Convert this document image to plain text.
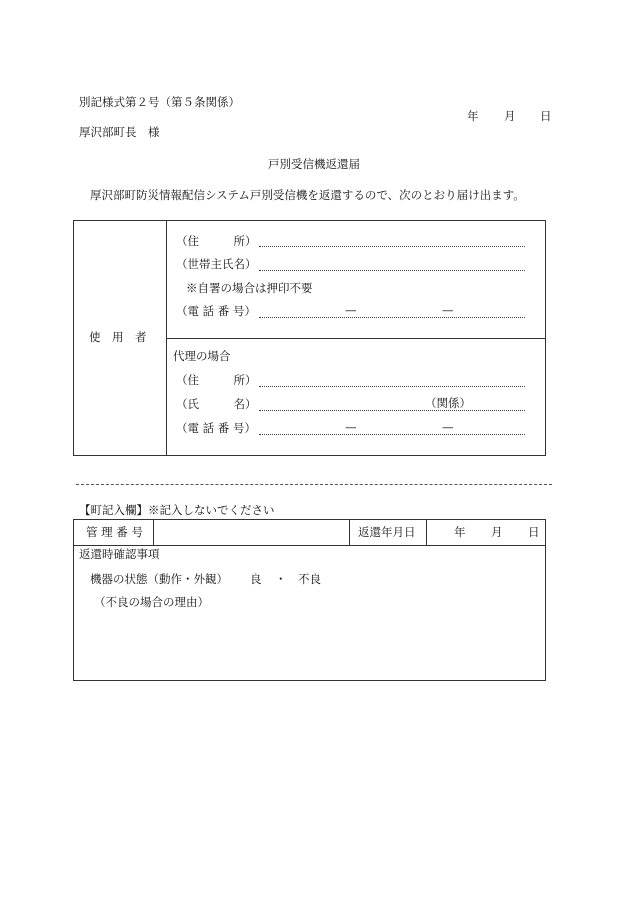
別記様式第２号（第５条関係）
年 月 日
厚沢部町長　様
戸別受信機返還届
厚沢部町防災情報配信システム戸別受信機を返還するので、次のとおり届け出ます。
使　用　者
（住　　　所）
（世帯主氏名）
※自署の場合は押印不要
（電 話 番 号）	—	—
代理の場合
（住　　　所）
（氏　　　名）	（関係）
（電 話 番 号）	—	—
【町記入欄】※記入しないでください
管 理 番 号	返還年月日	年 月 日
返還時確認事項
機器の状態（動作・外観） 良 ・ 不良
（不良の場合の理由）
